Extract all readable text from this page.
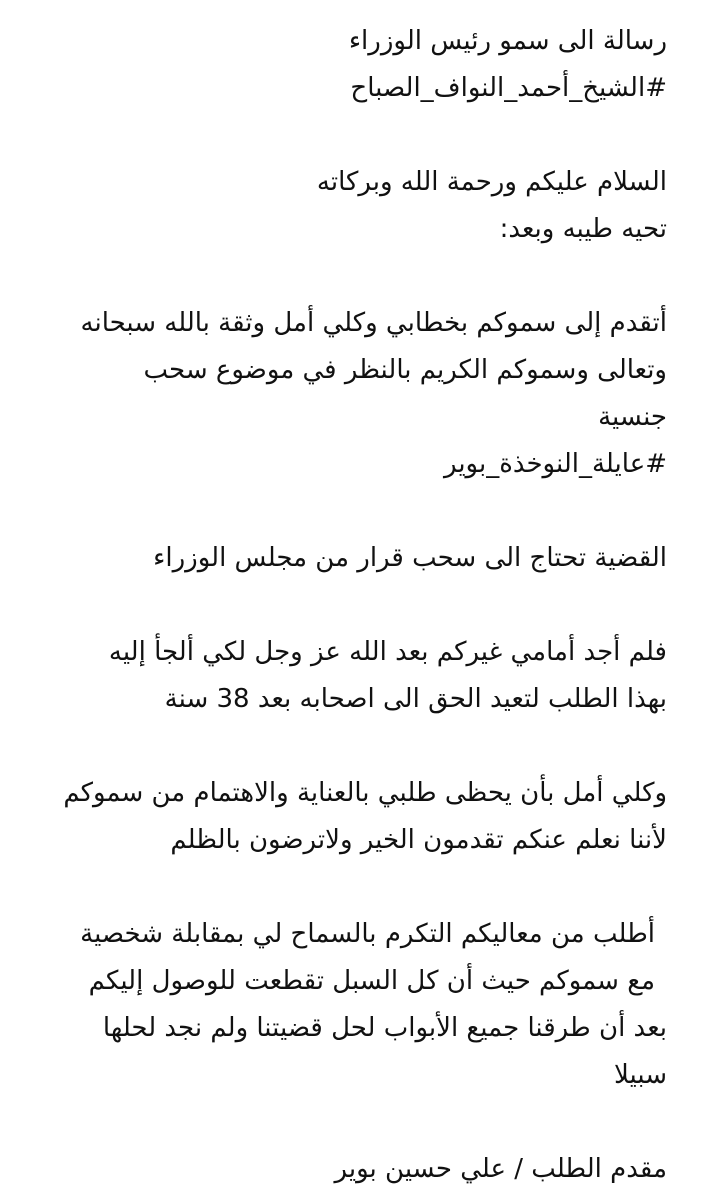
رسالة الى سمو رئيس الوزراء
#الشيخ_أحمد_النواف_الصباح
السلام عليكم ورحمة الله وبركاته
تحيه طيبه وبعد:
أتقدم إلى سموكم بخطابي وكلي أمل وثقة بالله سبحانه
وتعالى وسموكم الكريم بالنظر في موضوع سحب
جنسية
#عايلة_النوخذة_بوير
القضية تحتاج الى سحب قرار من مجلس الوزراء
فلم أجد أمامي غيركم بعد الله عز وجل لكي ألجأ إليه
بهذا الطلب لتعيد الحق الى اصحابه بعد 38 سنة
وكلي أمل بأن يحظى طلبي بالعناية والاهتمام من سموكم
لأننا نعلم عنكم تقدمون الخير ولاترضون بالظلم
أطلب من معاليكم التكرم بالسماح لي بمقابلة شخصية
مع سموكم حيث أن كل السبل تقطعت للوصول إليكم
بعد أن طرقنا جميع الأبواب لحل قضيتنا ولم نجد لحلها
سبيلا
مقدم الطلب / علي حسين بوير
